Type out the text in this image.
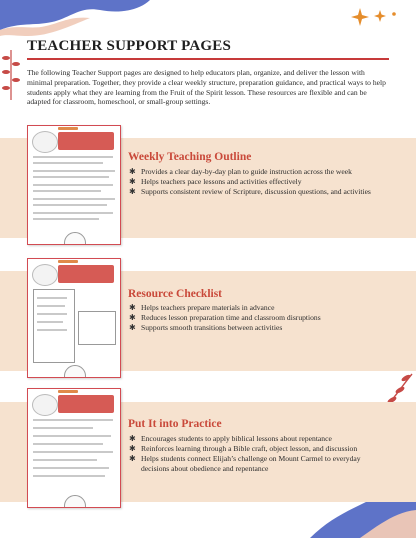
TEACHER SUPPORT PAGES
The following Teacher Support pages are designed to help educators plan, organize, and deliver the lesson with minimal preparation. Together, they provide a clear weekly structure, preparation guidance, and practical ways to help students apply what they are learning from the Fruit of the Spirit lesson. These resources are flexible and can be adapted for classroom, homeschool, or small-group settings.
Weekly Teaching Outline
✱ Provides a clear day-by-day plan to guide instruction across the week
✱ Helps teachers pace lessons and activities effectively
✱ Supports consistent review of Scripture, discussion questions, and activities
Resource Checklist
✱ Helps teachers prepare materials in advance
✱ Reduces lesson preparation time and classroom disruptions
✱ Supports smooth transitions between activities
Put It into Practice
✱ Encourages students to apply biblical lessons about repentance
✱ Reinforces learning through a Bible craft, object lesson, and discussion
✱ Helps students connect Elijah’s challenge on Mount Carmel to everyday decisions about obedience and repentance
